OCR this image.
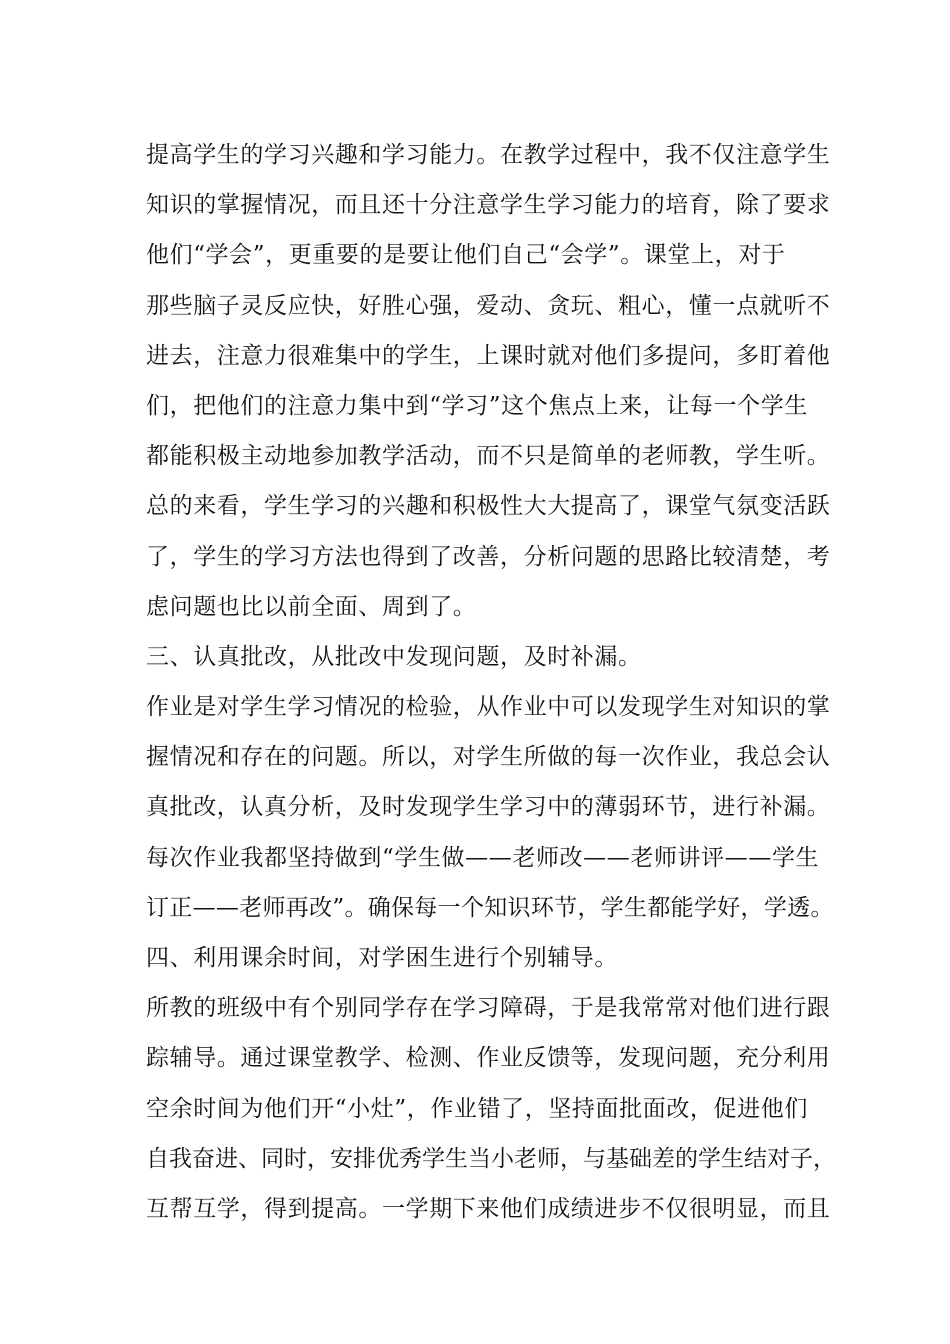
提高学生的学习兴趣和学习能力。在教学过程中，我不仅注意学生
知识的掌握情况，而且还十分注意学生学习能力的培育，除了要求
他们“学会”，更重要的是要让他们自己“会学”。课堂上，对于
那些脑子灵反应快，好胜心强，爱动、贪玩、粗心，懂一点就听不
进去，注意力很难集中的学生，上课时就对他们多提问，多盯着他
们，把他们的注意力集中到“学习”这个焦点上来，让每一个学生
都能积极主动地参加教学活动，而不只是简单的老师教，学生听。
总的来看，学生学习的兴趣和积极性大大提高了，课堂气氛变活跃
了，学生的学习方法也得到了改善，分析问题的思路比较清楚，考
虑问题也比以前全面、周到了。
三、认真批改，从批改中发现问题，及时补漏。
作业是对学生学习情况的检验，从作业中可以发现学生对知识的掌
握情况和存在的问题。所以，对学生所做的每一次作业，我总会认
真批改，认真分析，及时发现学生学习中的薄弱环节，进行补漏。
每次作业我都坚持做到“学生做——老师改——老师讲评——学生
订正——老师再改”。确保每一个知识环节，学生都能学好，学透。
四、利用课余时间，对学困生进行个别辅导。
所教的班级中有个别同学存在学习障碍，于是我常常对他们进行跟
踪辅导。通过课堂教学、检测、作业反馈等，发现问题，充分利用
空余时间为他们开“小灶”，作业错了，坚持面批面改，促进他们
自我奋进、同时，安排优秀学生当小老师，与基础差的学生结对子，
互帮互学，得到提高。一学期下来他们成绩进步不仅很明显，而且
